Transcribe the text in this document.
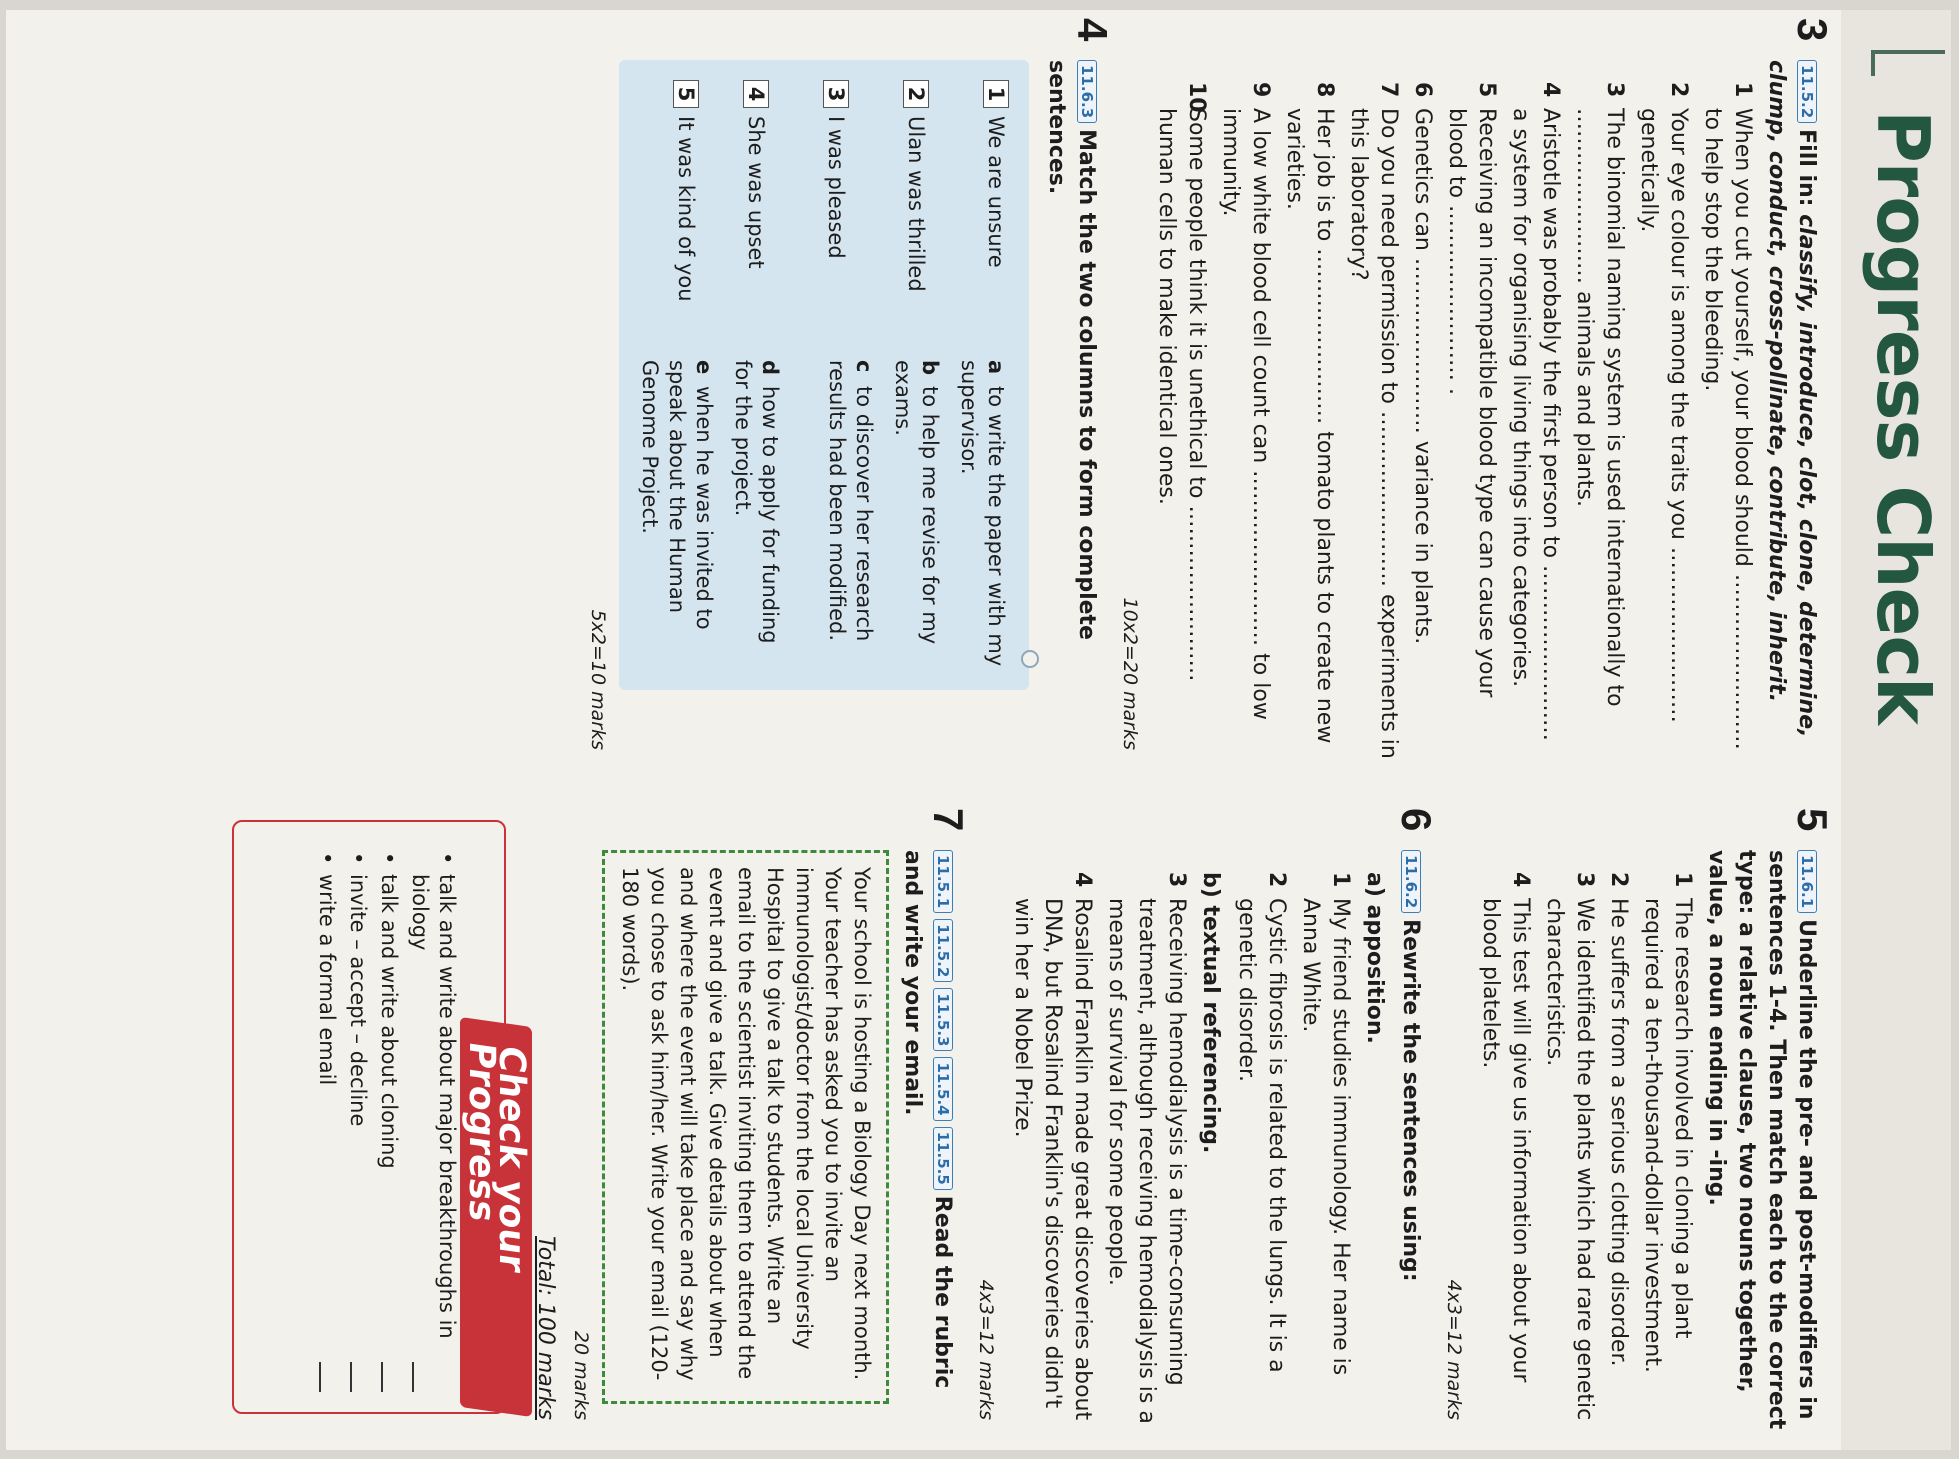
Progress Check
3
11.5.2Fill in: classify, introduce, clot, clone, determine, clump, conduct, cross-pollinate, contribute, inherit.
1
When you cut yourself, your blood should …………………… to help stop the bleeding.
2
Your eye colour is among the traits you …………………… genetically.
3
The binomial naming system is used internationally to …………………… animals and plants.
4
Aristotle was probably the first person to …………………… a system for organising living things into categories.
5
Receiving an incompatible blood type can cause your blood to …………………… .
6
Genetics can …………………… variance in plants.
7
Do you need permission to …………………… experiments in this laboratory?
8
Her job is to …………………… tomato plants to create new varieties.
9
A low white blood cell count can …………………… to low immunity.
10
Some people think it is unethical to …………………… human cells to make identical ones.
10x2=20 marks
4
11.6.3Match the two columns to form complete sentences.
1We are unsure
2Ulan was thrilled
3I was pleased
4She was upset
5It was kind of you
ato write the paper with my supervisor.
bto help me revise for my exams.
cto discover her research results had been modified.
dhow to apply for funding for the project.
ewhen he was invited to speak about the Human Genome Project.
5x2=10 marks
5
11.6.1Underline the pre- and post-modifiers in sentences 1-4. Then match each to the correct type: a relative clause, two nouns together, value, a noun ending in -ing.
1
The research involved in cloning a plant required a ten-thousand-dollar investment.
2
He suffers from a serious clotting disorder.
3
We identified the plants which had rare genetic characteristics.
4
This test will give us information about your blood platelets.
4x3=12 marks
6
11.6.2Rewrite the sentences using:
a) apposition.
1
My friend studies immunology. Her name is Anna White.
2
Cystic fibrosis is related to the lungs. It is a genetic disorder.
b) textual referencing.
3
Receiving hemodialysis is a time-consuming treatment, although receiving hemodialysis is a means of survival for some people.
4
Rosalind Franklin made great discoveries about DNA, but Rosalind Franklin's discoveries didn't win her a Nobel Prize.
4x3=12 marks
7
11.5.111.5.211.5.311.5.411.5.5Read the rubric and write your email.
Your school is hosting a Biology Day next month. Your teacher has asked you to invite an immunologist/doctor from the local University Hospital to give a talk to students. Write an email to the scientist inviting them to attend the event and give a talk. Give details about when and where the event will take place and say why you chose to ask him/her. Write your email (120-180 words).
20 marks
Total: 100 marks
Check your Progress
• talk and write about major breakthroughs in biology
• talk and write about cloning
• invite – accept – decline
• write a formal email
